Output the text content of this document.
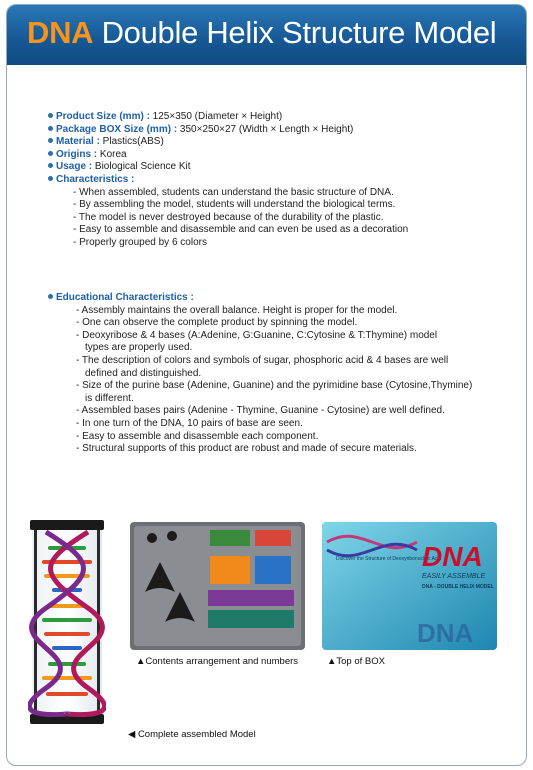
DNA Double Helix Structure Model
Product Size (mm) : 125×350 (Diameter × Height)
Package BOX Size (mm) : 350×250×27 (Width × Length × Height)
Material : Plastics(ABS)
Origins : Korea
Usage : Biological Science Kit
Characteristics :
- When assembled, students can understand the basic structure of DNA.
- By assembling the model, students will understand the biological terms.
- The model is never destroyed because of the durability of the plastic.
- Easy to assemble and disassemble and can even be used as a decoration
- Properly grouped by 6 colors
Educational Characteristics :
- Assembly maintains the overall balance. Height is proper for the model.
- One can observe the complete product by spinning the model.
- Deoxyribose & 4 bases (A:Adenine, G:Guanine, C:Cytosine & T:Thymine) model
types are properly used.
- The description of colors and symbols of sugar, phosphoric acid & 4 bases are well
defined and distinguished.
- Size of the purine base (Adenine, Guanine) and the pyrimidine base (Cytosine,Thymine)
is different.
- Assembled bases pairs (Adenine - Thymine, Guanine - Cytosine) are well defined.
- In one turn of the DNA, 10 pairs of base are seen.
- Easy to assemble and disassemble each component.
- Structural supports of this product are robust and made of secure materials.
Discover the Structure of Deoxyribonucleic Acid
DNA
EASILY ASSEMBLE
DNA - DOUBLE HELIX MODEL
DNA
▲Contents arrangement and numbers	▲Top of BOX
◀ Complete assembled Model
